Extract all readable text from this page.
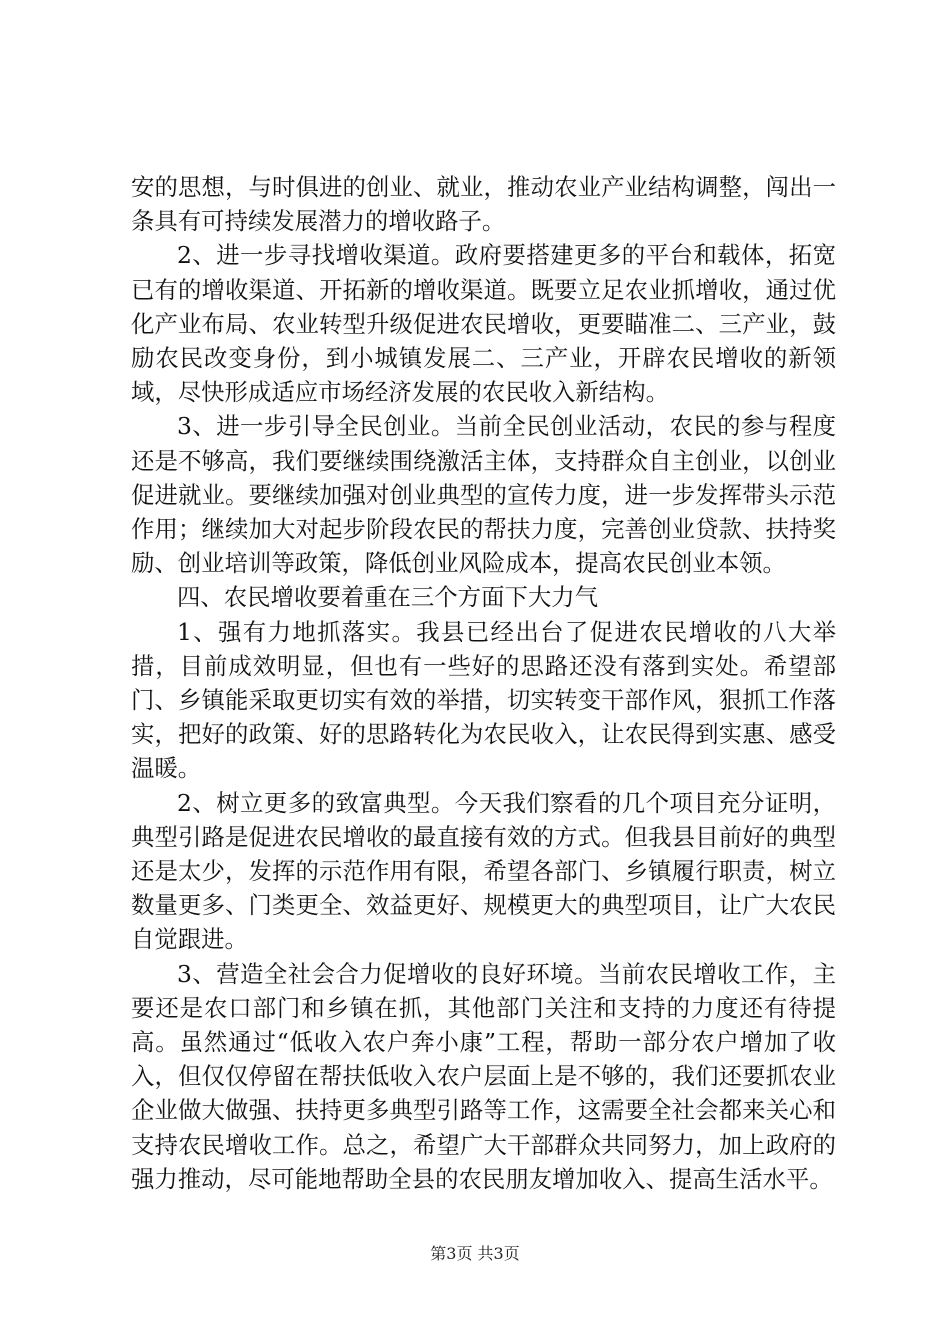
安的思想，与时俱进的创业、就业，推动农业产业结构调整，闯出一条具有可持续发展潜力的增收路子。

2、进一步寻找增收渠道。政府要搭建更多的平台和载体，拓宽已有的增收渠道、开拓新的增收渠道。既要立足农业抓增收，通过优化产业布局、农业转型升级促进农民增收，更要瞄准二、三产业，鼓励农民改变身份，到小城镇发展二、三产业，开辟农民增收的新领域，尽快形成适应市场经济发展的农民收入新结构。

3、进一步引导全民创业。当前全民创业活动，农民的参与程度还是不够高，我们要继续围绕激活主体，支持群众自主创业，以创业促进就业。要继续加强对创业典型的宣传力度，进一步发挥带头示范作用；继续加大对起步阶段农民的帮扶力度，完善创业贷款、扶持奖励、创业培训等政策，降低创业风险成本，提高农民创业本领。

四、农民增收要着重在三个方面下大力气

1、强有力地抓落实。我县已经出台了促进农民增收的八大举措，目前成效明显，但也有一些好的思路还没有落到实处。希望部门、乡镇能采取更切实有效的举措，切实转变干部作风，狠抓工作落实，把好的政策、好的思路转化为农民收入，让农民得到实惠、感受温暖。

2、树立更多的致富典型。今天我们察看的几个项目充分证明，典型引路是促进农民增收的最直接有效的方式。但我县目前好的典型还是太少，发挥的示范作用有限，希望各部门、乡镇履行职责，树立数量更多、门类更全、效益更好、规模更大的典型项目，让广大农民自觉跟进。

3、营造全社会合力促增收的良好环境。当前农民增收工作，主要还是农口部门和乡镇在抓，其他部门关注和支持的力度还有待提高。虽然通过“低收入农户奔小康”工程，帮助一部分农户增加了收入，但仅仅停留在帮扶低收入农户层面上是不够的，我们还要抓农业企业做大做强、扶持更多典型引路等工作，这需要全社会都来关心和支持农民增收工作。总之，希望广大干部群众共同努力，加上政府的强力推动，尽可能地帮助全县的农民朋友增加收入、提高生活水平。

第3页 共3页
